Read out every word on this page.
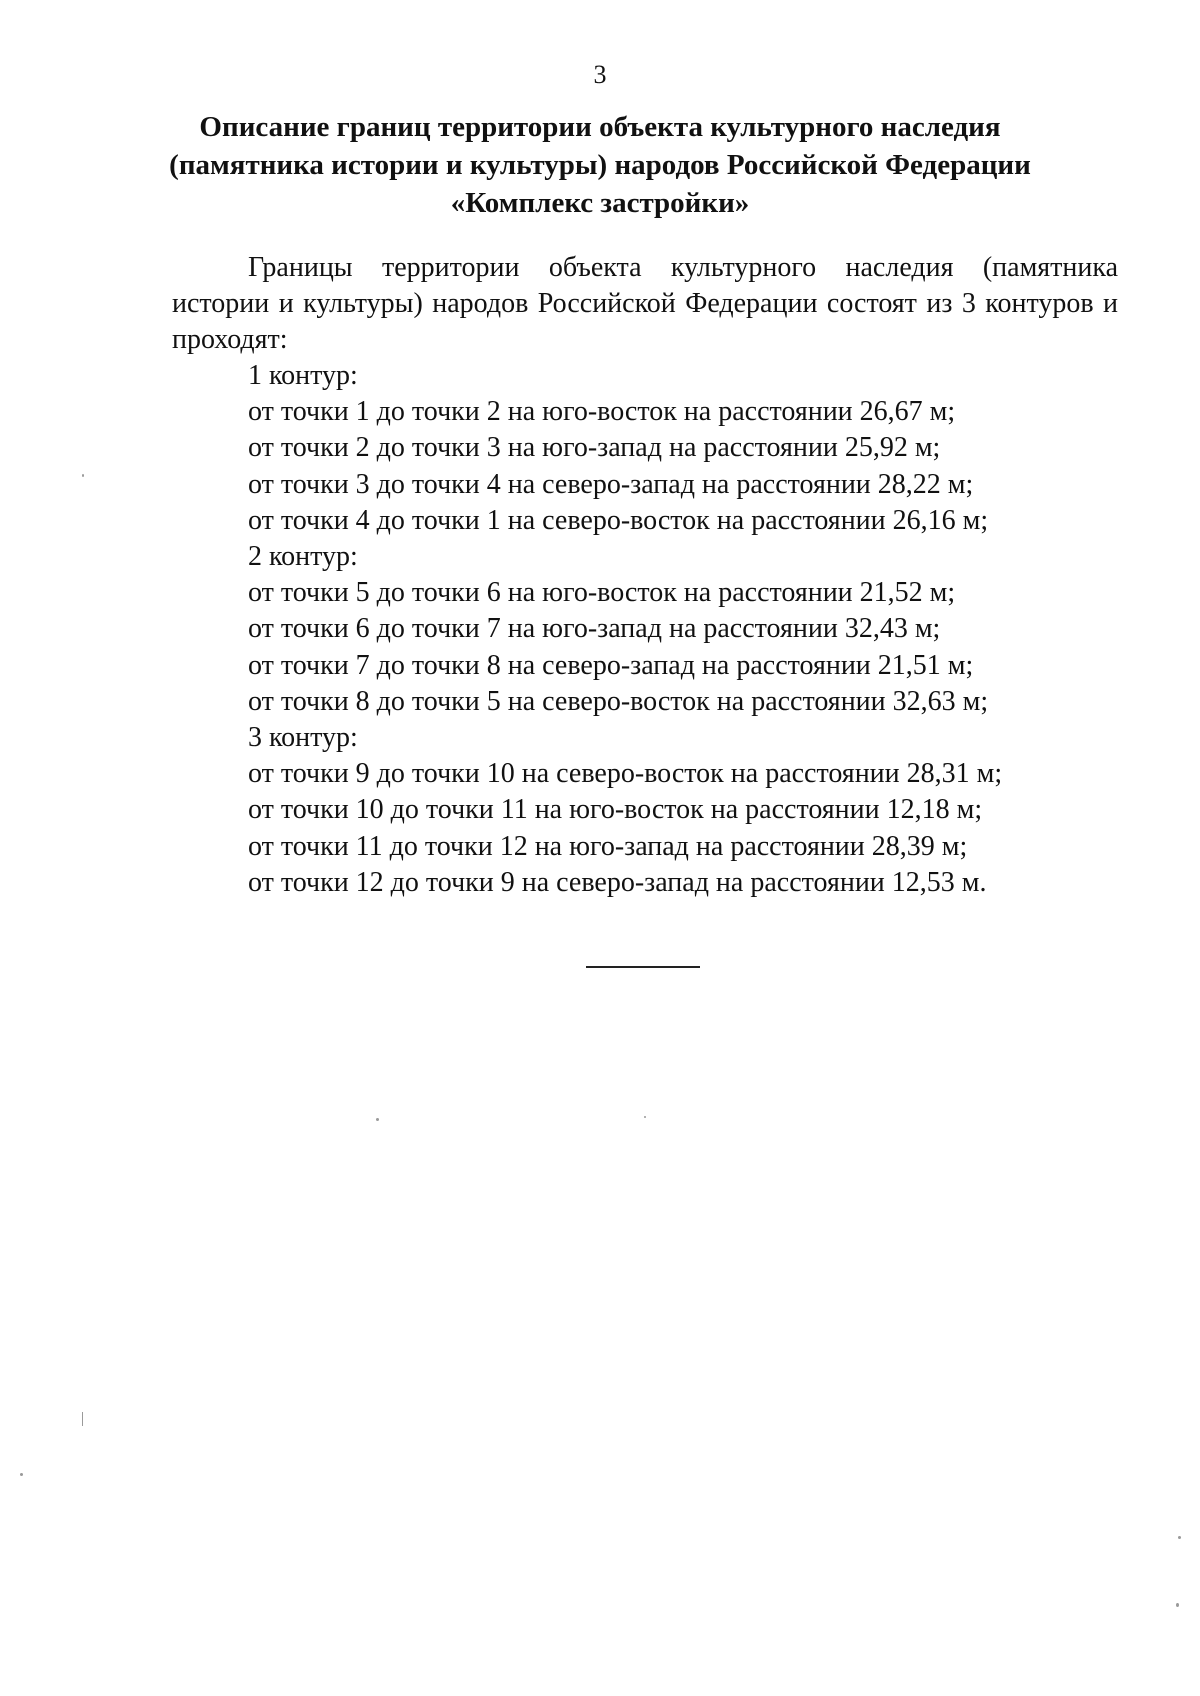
3
Описание границ территории объекта культурного наследия
(памятника истории и культуры) народов Российской Федерации
«Комплекс застройки»
Границы территории объекта культурного наследия (памятника
истории и культуры) народов Российской Федерации состоят из 3 контуров и проходят:
1 контур:
от точки 1 до точки 2 на юго-восток на расстоянии 26,67 м;
от точки 2 до точки 3 на юго-запад на расстоянии 25,92 м;
от точки 3 до точки 4 на северо-запад на расстоянии 28,22 м;
от точки 4 до точки 1 на северо-восток на расстоянии 26,16 м;
2 контур:
от точки 5 до точки 6 на юго-восток на расстоянии 21,52 м;
от точки 6 до точки 7 на юго-запад на расстоянии 32,43 м;
от точки 7 до точки 8 на северо-запад на расстоянии 21,51 м;
от точки 8 до точки 5 на северо-восток на расстоянии 32,63 м;
3 контур:
от точки 9 до точки 10 на северо-восток на расстоянии 28,31 м;
от точки 10 до точки 11 на юго-восток на расстоянии 12,18 м;
от точки 11 до точки 12 на юго-запад на расстоянии 28,39 м;
от точки 12 до точки 9 на северо-запад на расстоянии 12,53 м.
